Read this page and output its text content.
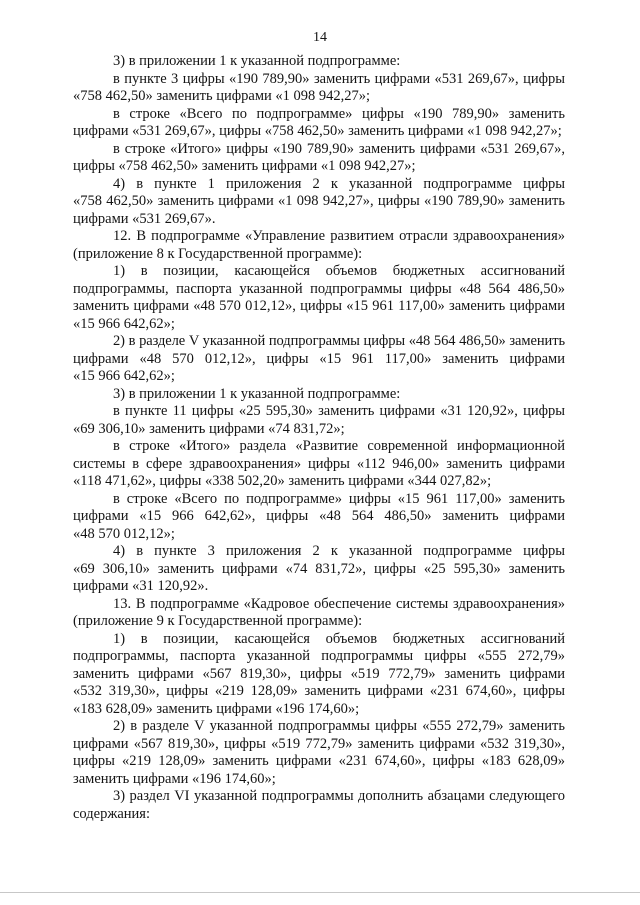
14
3) в приложении 1 к указанной подпрограмме:
в пункте 3 цифры «190 789,90» заменить цифрами «531 269,67», цифры
«758 462,50» заменить цифрами «1 098 942,27»;
в строке «Всего по подпрограмме» цифры «190 789,90» заменить
цифрами «531 269,67», цифры «758 462,50» заменить цифрами «1 098 942,27»;
в строке «Итого» цифры «190 789,90» заменить цифрами «531 269,67»,
цифры «758 462,50» заменить цифрами «1 098 942,27»;
4) в пункте 1 приложения 2 к указанной подпрограмме цифры
«758 462,50» заменить цифрами «1 098 942,27», цифры «190 789,90» заменить
цифрами «531 269,67».
12. В подпрограмме «Управление развитием отрасли здравоохранения»
(приложение 8 к Государственной программе):
1) в позиции, касающейся объемов бюджетных ассигнований
подпрограммы, паспорта указанной подпрограммы цифры «48 564 486,50»
заменить цифрами «48 570 012,12», цифры «15 961 117,00» заменить цифрами
«15 966 642,62»;
2) в разделе V указанной подпрограммы цифры «48 564 486,50» заменить
цифрами «48 570 012,12», цифры «15 961 117,00» заменить цифрами
«15 966 642,62»;
3) в приложении 1 к указанной подпрограмме:
в пункте 11 цифры «25 595,30» заменить цифрами «31 120,92», цифры
«69 306,10» заменить цифрами «74 831,72»;
в строке «Итого» раздела «Развитие современной информационной
системы в сфере здравоохранения» цифры «112 946,00» заменить цифрами
«118 471,62», цифры «338 502,20» заменить цифрами «344 027,82»;
в строке «Всего по подпрограмме» цифры «15 961 117,00» заменить
цифрами «15 966 642,62», цифры «48 564 486,50» заменить цифрами
«48 570 012,12»;
4) в пункте 3 приложения 2 к указанной подпрограмме цифры
«69 306,10» заменить цифрами «74 831,72», цифры «25 595,30» заменить
цифрами «31 120,92».
13. В подпрограмме «Кадровое обеспечение системы здравоохранения»
(приложение 9 к Государственной программе):
1) в позиции, касающейся объемов бюджетных ассигнований
подпрограммы, паспорта указанной подпрограммы цифры «555 272,79»
заменить цифрами «567 819,30», цифры «519 772,79» заменить цифрами
«532 319,30», цифры «219 128,09» заменить цифрами «231 674,60», цифры
«183 628,09» заменить цифрами «196 174,60»;
2) в разделе V указанной подпрограммы цифры «555 272,79» заменить
цифрами «567 819,30», цифры «519 772,79» заменить цифрами «532 319,30»,
цифры «219 128,09» заменить цифрами «231 674,60», цифры «183 628,09»
заменить цифрами «196 174,60»;
3) раздел VI указанной подпрограммы дополнить абзацами следующего
содержания:
